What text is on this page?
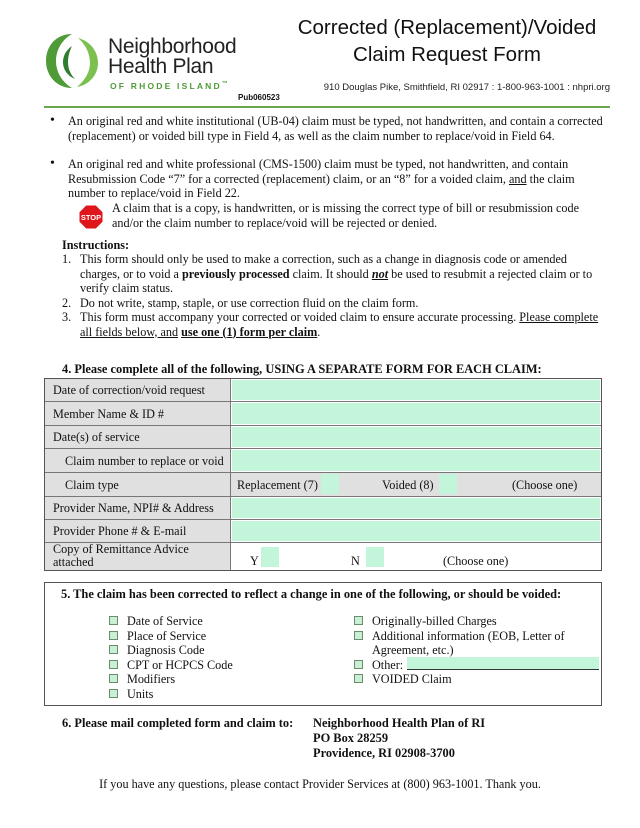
Neighborhood
Health Plan
OF RHODE ISLAND™
Pub060523
Corrected (Replacement)/Voided
Claim Request Form
910 Douglas Pike, Smithfield, RI 02917 : 1-800-963-1001 : nhpri.org
• An original red and white institutional (UB-04) claim must be typed, not handwritten, and contain a corrected (replacement) or voided bill type in Field 4, as well as the claim number to replace/void in Field 64.
• An original red and white professional (CMS-1500) claim must be typed, not handwritten, and contain Resubmission Code “7” for a corrected (replacement) claim, or an “8” for a voided claim, and the claim number to replace/void in Field 22.
STOP
A claim that is a copy, is handwritten, or is missing the correct type of bill or resubmission code and/or the claim number to replace/void will be rejected or denied.
Instructions:
1. This form should only be used to make a correction, such as a change in diagnosis code or amended charges, or to void a previously processed claim. It should not be used to resubmit a rejected claim or to verify claim status.
2. Do not write, stamp, staple, or use correction fluid on the claim form.
3. This form must accompany your corrected or voided claim to ensure accurate processing. Please complete all fields below, and use one (1) form per claim.
4. Please complete all of the following, USING A SEPARATE FORM FOR EACH CLAIM:
Date of correction/void request
Member Name & ID #
Date(s) of service
Claim number to replace or void
Claim type	Replacement (7)	Voided (8)	(Choose one)
Provider Name, NPI# & Address
Provider Phone # & E-mail
Copy of Remittance Advice
attached	Y	N	(Choose one)
5. The claim has been corrected to reflect a change in one of the following, or should be voided:
Date of Service
Place of Service
Diagnosis Code
CPT or HCPCS Code
Modifiers
Units
Originally-billed Charges
Additional information (EOB, Letter of
Agreement, etc.)
Other:
VOIDED Claim
6. Please mail completed form and claim to: Neighborhood Health Plan of RI
PO Box 28259
Providence, RI 02908-3700
If you have any questions, please contact Provider Services at (800) 963-1001. Thank you.
